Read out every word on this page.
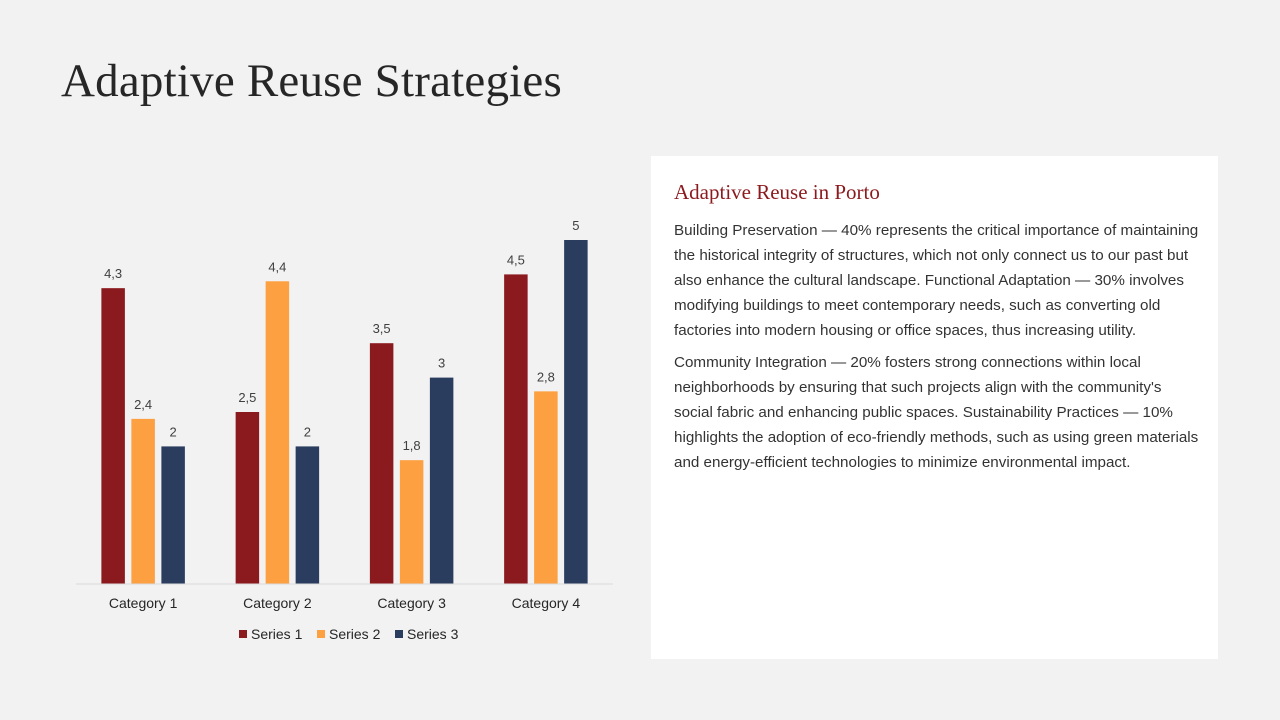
Adaptive Reuse Strategies
4,3
2,4
2
Category 1
2,5
4,4
2
Category 2
3,5
1,8
3
Category 3
4,5
2,8
5
Category 4
Series 1 Series 2 Series 3
Adaptive Reuse in Porto

Building Preservation — 40% represents the critical importance of maintaining the historical integrity of structures, which not only connect us to our past but also enhance the cultural landscape. Functional Adaptation — 30% involves modifying buildings to meet contemporary needs, such as converting old factories into modern housing or office spaces, thus increasing utility.

Community Integration — 20% fosters strong connections within local neighborhoods by ensuring that such projects align with the community's social fabric and enhancing public spaces. Sustainability Practices — 10% highlights the adoption of eco-friendly methods, such as using green materials and energy-efficient technologies to minimize environmental impact.
